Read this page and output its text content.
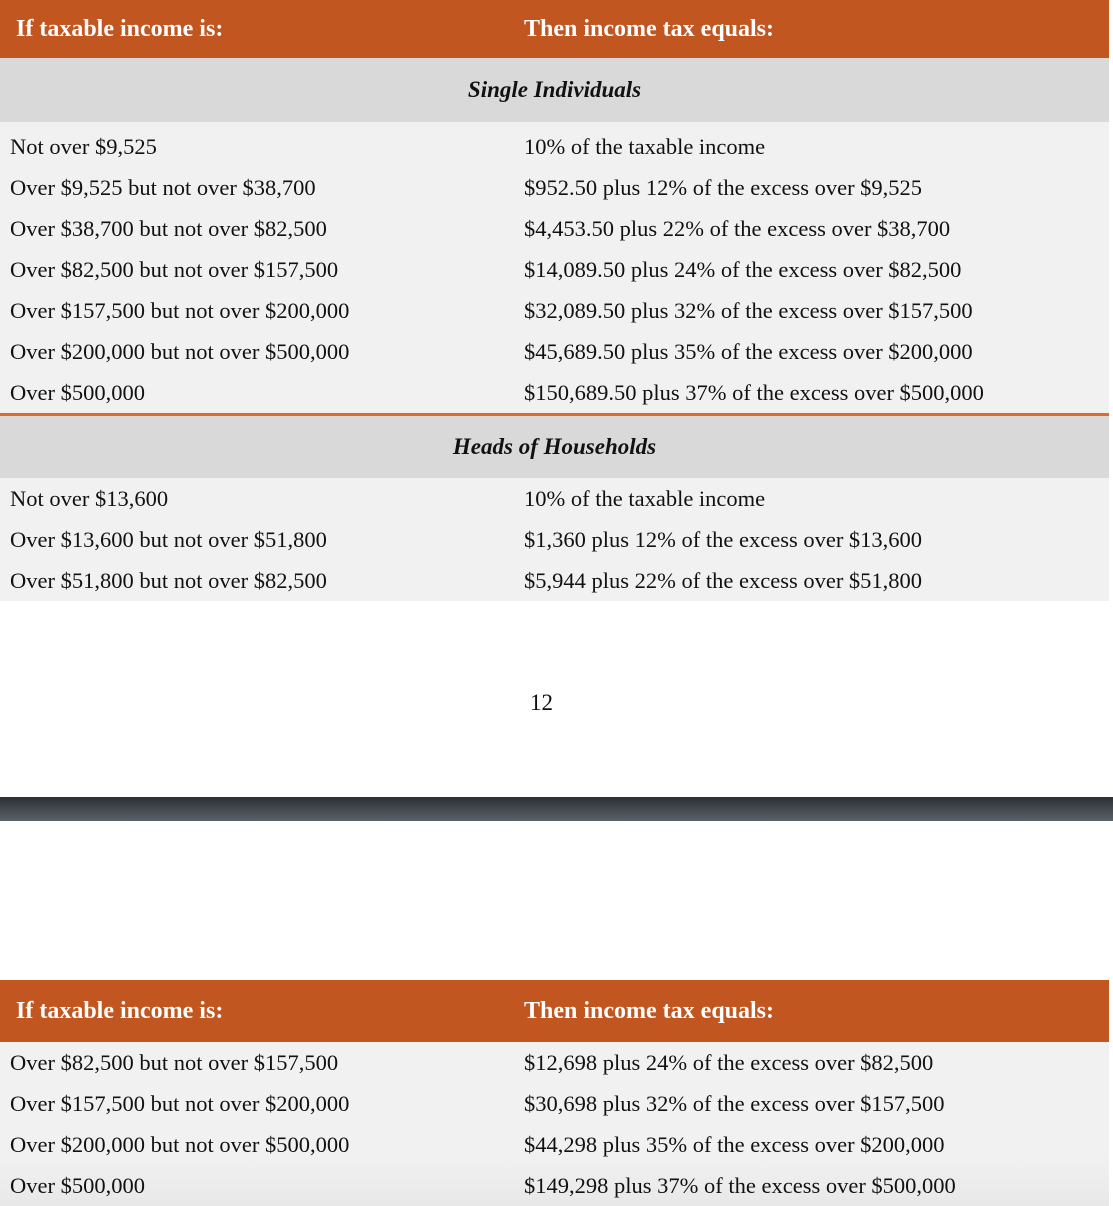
If taxable income is:	Then income tax equals:
Single Individuals
Not over $9,525	10% of the taxable income
Over $9,525 but not over $38,700	$952.50 plus 12% of the excess over $9,525
Over $38,700 but not over $82,500	$4,453.50 plus 22% of the excess over $38,700
Over $82,500 but not over $157,500	$14,089.50 plus 24% of the excess over $82,500
Over $157,500 but not over $200,000	$32,089.50 plus 32% of the excess over $157,500
Over $200,000 but not over $500,000	$45,689.50 plus 35% of the excess over $200,000
Over $500,000	$150,689.50 plus 37% of the excess over $500,000
Heads of Households
Not over $13,600	10% of the taxable income
Over $13,600 but not over $51,800	$1,360 plus 12% of the excess over $13,600
Over $51,800 but not over $82,500	$5,944 plus 22% of the excess over $51,800
12
If taxable income is:	Then income tax equals:
Over $82,500 but not over $157,500	$12,698 plus 24% of the excess over $82,500
Over $157,500 but not over $200,000	$30,698 plus 32% of the excess over $157,500
Over $200,000 but not over $500,000	$44,298 plus 35% of the excess over $200,000
Over $500,000	$149,298 plus 37% of the excess over $500,000
